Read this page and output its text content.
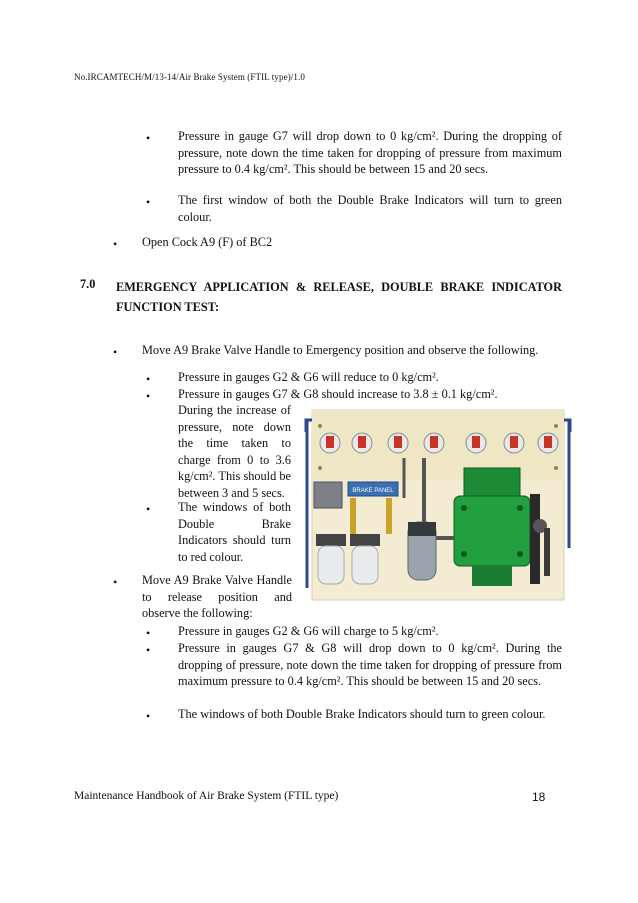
No.IRCAMTECH/M/13-14/Air Brake System (FTIL type)/1.0
• Pressure in gauge G7 will drop down to 0 kg/cm². During the dropping of pressure, note down the time taken for dropping of pressure from maximum pressure to 0.4 kg/cm². This should be between 15 and 20 secs.
• The first window of both the Double Brake Indicators will turn to green colour.
• Open Cock A9 (F) of BC2
7.0 EMERGENCY APPLICATION & RELEASE, DOUBLE BRAKE INDICATOR FUNCTION TEST:
• Move A9 Brake Valve Handle to Emergency position and observe the following.
• Pressure in gauges G2 & G6 will reduce to 0 kg/cm².
• Pressure in gauges G7 & G8 should increase to 3.8 ± 0.1 kg/cm².
During the increase of pressure, note down the time taken to charge from 0 to 3.6 kg/cm². This should be between 3 and 5 secs.
• The windows of both Double Brake Indicators should turn to red colour.
• Move A9 Brake Valve Handle to release position and observe the following:
• Pressure in gauges G2 & G6 will charge to 5 kg/cm².
• Pressure in gauges G7 & G8 will drop down to 0 kg/cm². During the dropping of pressure, note down the time taken for dropping of pressure from maximum pressure to 0.4 kg/cm². This should be between 15 and 20 secs.
• The windows of both Double Brake Indicators should turn to green colour.
BRAKE PANEL
Maintenance Handbook of Air Brake System (FTIL type)	18
